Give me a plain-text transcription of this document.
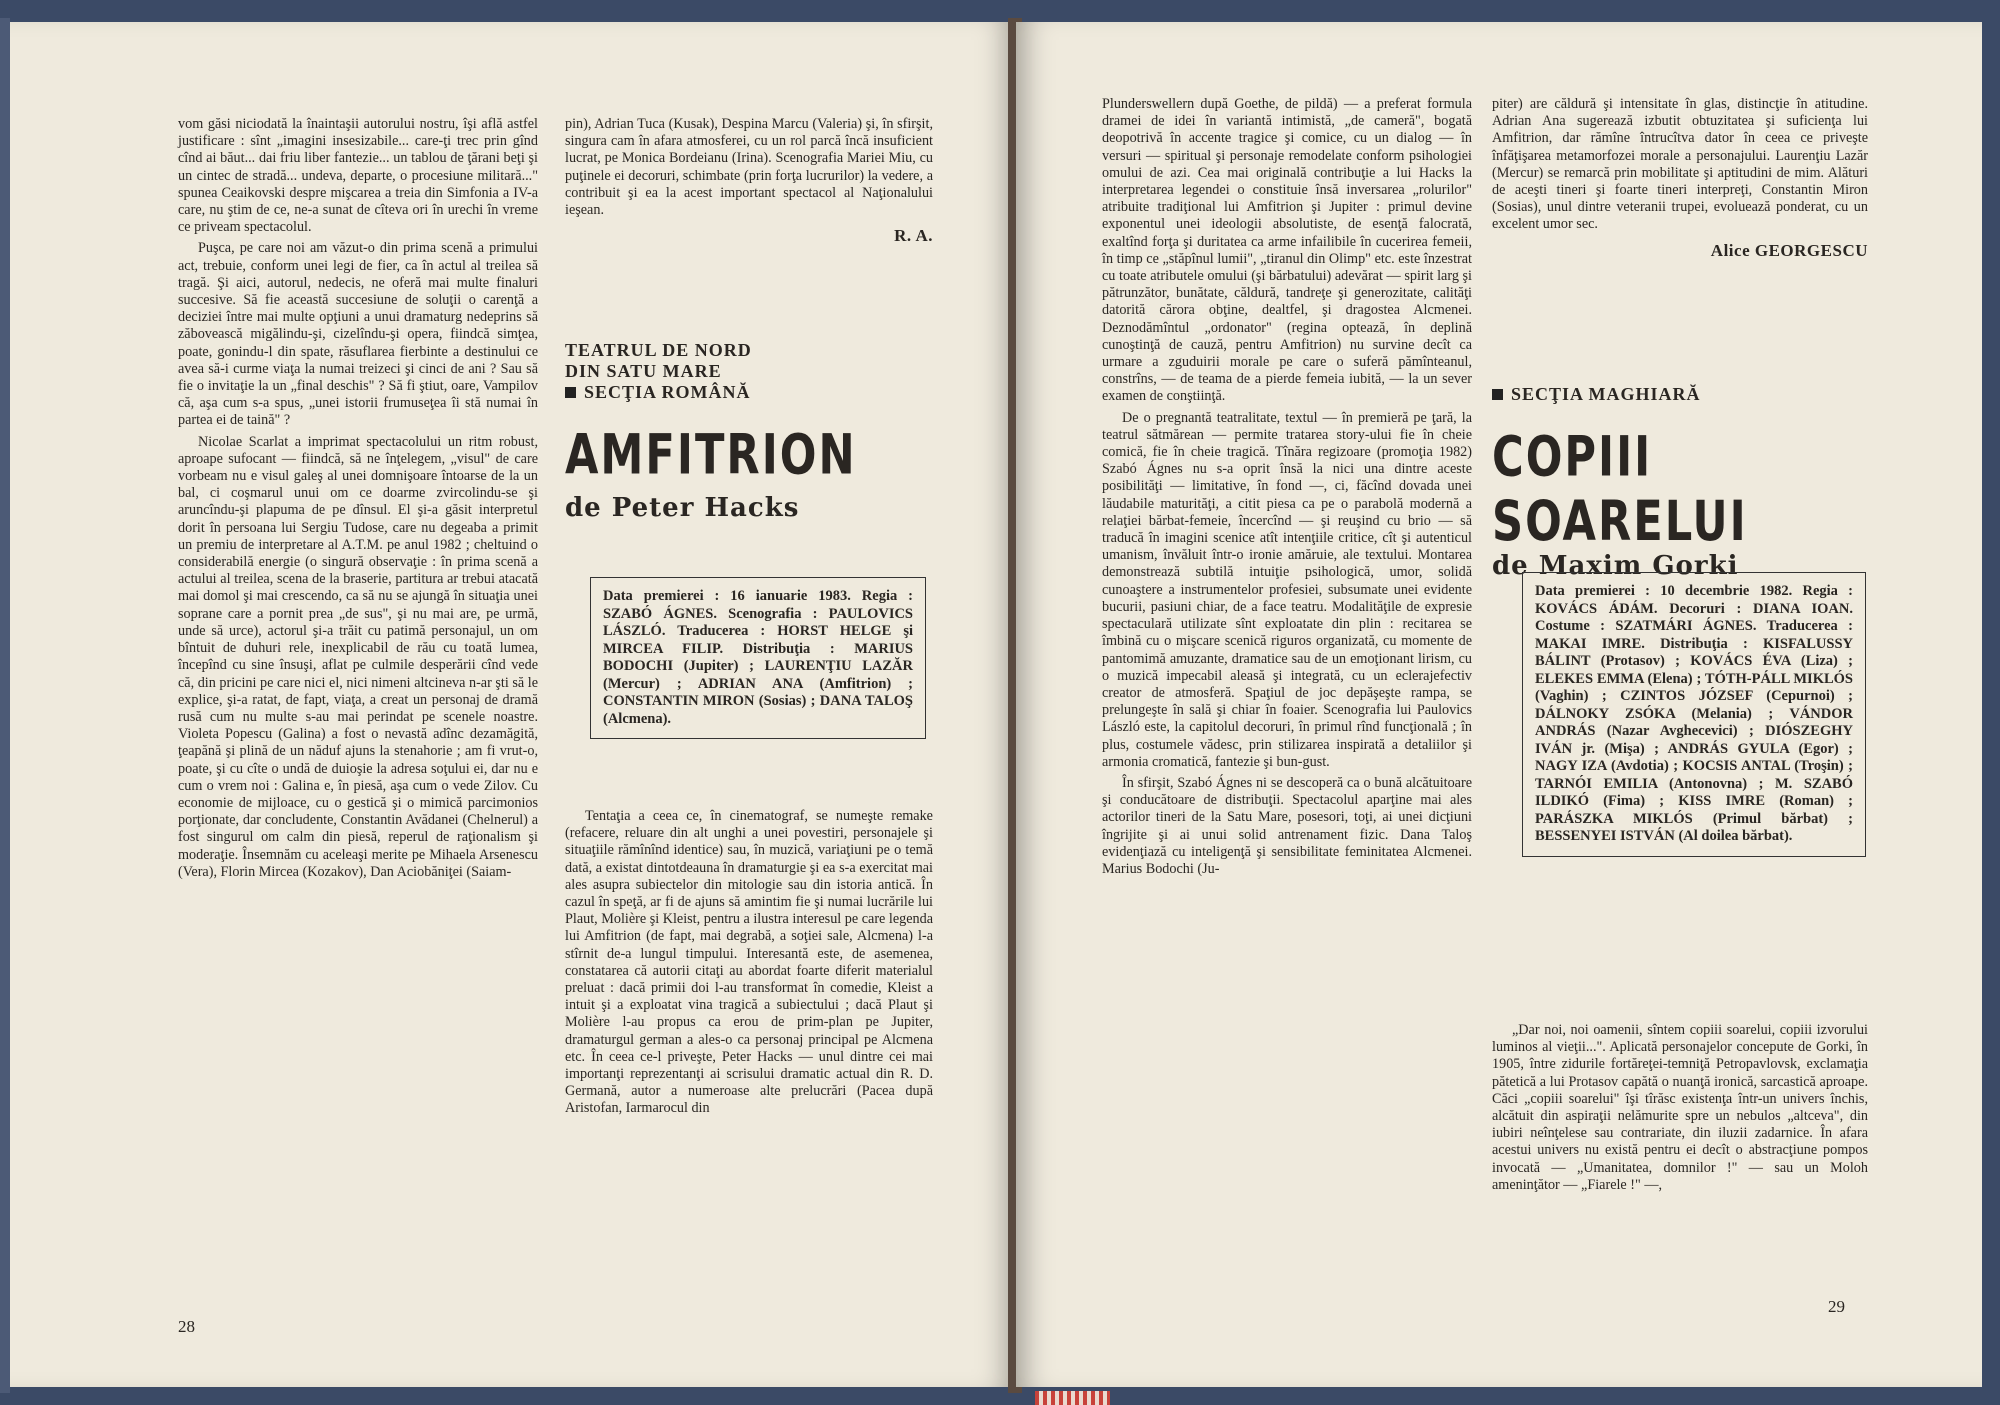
vom găsi niciodată la înaintaşii autorului nostru, îşi află astfel justificare : sînt „imagini insesizabile... care-ţi trec prin gînd cînd ai băut... dai friu liber fantezie... un tablou de ţărani beţi şi un cintec de stradă... undeva, departe, o procesiune militară..." spunea Ceaikovski despre mişcarea a treia din Simfonia a IV-a care, nu ştim de ce, ne-a sunat de cîteva ori în urechi în vreme ce priveam spectacolul.

Puşca, pe care noi am văzut-o din prima scenă a primului act, trebuie, conform unei legi de fier, ca în actul al treilea să tragă. Şi aici, autorul, nedecis, ne oferă mai multe finaluri succesive. Să fie această succesiune de soluţii o carenţă a deciziei între mai multe opţiuni a unui dramaturg nedeprins să zăbovească migălindu-şi, cizelîndu-şi opera, fiindcă simţea, poate, gonindu-l din spate, răsuflarea fierbinte a destinului ce avea să-i curme viaţa la numai treizeci şi cinci de ani ? Sau să fie o invitaţie la un „final deschis" ? Să fi ştiut, oare, Vampilov că, aşa cum s-a spus, „unei istorii frumuseţea îi stă numai în partea ei de taină" ?

Nicolae Scarlat a imprimat spectacolului un ritm robust, aproape sufocant — fiindcă, să ne înţelegem, „visul" de care vorbeam nu e visul galeş al unei domnişoare întoarse de la un bal, ci coşmarul unui om ce doarme zvircolindu-se şi aruncîndu-şi plapuma de pe dînsul. El şi-a găsit interpretul dorit în persoana lui Sergiu Tudose, care nu degeaba a primit un premiu de interpretare al A.T.M. pe anul 1982 ; cheltuind o considerabilă energie (o singură observaţie : în prima scenă a actului al treilea, scena de la braserie, partitura ar trebui atacată mai domol şi mai crescendo, ca să nu se ajungă în situaţia unei soprane care a pornit prea „de sus", şi nu mai are, pe urmă, unde să urce), actorul şi-a trăit cu patimă personajul, un om bîntuit de duhuri rele, inexplicabil de rău cu toată lumea, începînd cu sine însuşi, aflat pe culmile desperării cînd vede că, din pricini pe care nici el, nici nimeni altcineva n-ar şti să le explice, şi-a ratat, de fapt, viaţa, a creat un personaj de dramă rusă cum nu multe s-au mai perindat pe scenele noastre. Violeta Popescu (Galina) a fost o nevastă adînc dezamăgită, ţeapănă şi plină de un năduf ajuns la stenahorie ; am fi vrut-o, poate, şi cu cîte o undă de duioşie la adresa soţului ei, dar nu e cum o vrem noi : Galina e, în piesă, aşa cum o vede Zilov. Cu economie de mijloace, cu o gestică şi o mimică parcimonios porţionate, dar concludente, Constantin Avădanei (Chelnerul) a fost singurul om calm din piesă, reperul de raţionalism şi moderaţie. Însemnăm cu aceleaşi merite pe Mihaela Arsenescu (Vera), Florin Mircea (Kozakov), Dan Aciobăniţei (Saiam-

pin), Adrian Tuca (Kusak), Despina Marcu (Valeria) şi, în sfirşit, singura cam în afara atmosferei, cu un rol parcă încă insuficient lucrat, pe Monica Bordeianu (Irina). Scenografia Mariei Miu, cu puţinele ei decoruri, schimbate (prin forţa lucrurilor) la vedere, a contribuit şi ea la acest important spectacol al Naţionalului ieşean.

R. A.
TEATRUL DE NORD
DIN SATU MARE
SECŢIA ROMÂNĂ
AMFITRION
de Peter Hacks
Data premierei : 16 ianuarie 1983. Regia : SZABÓ ÁGNES. Scenografia : PAULOVICS LÁSZLÓ. Traducerea : HORST HELGE şi MIRCEA FILIP. Distribuţia : MARIUS BODOCHI (Jupiter) ; LAURENŢIU LAZĂR (Mercur) ; ADRIAN ANA (Amfitrion) ; CONSTANTIN MIRON (Sosias) ; DANA TALOŞ (Alcmena).

Tentaţia a ceea ce, în cinematograf, se numeşte remake (refacere, reluare din alt unghi a unei povestiri, personajele şi situaţiile rămînînd identice) sau, în muzică, variaţiuni pe o temă dată, a existat dintotdeauna în dramaturgie şi ea s-a exercitat mai ales asupra subiectelor din mitologie sau din istoria antică. În cazul în speţă, ar fi de ajuns să amintim fie şi numai lucrările lui Plaut, Molière şi Kleist, pentru a ilustra interesul pe care legenda lui Amfitrion (de fapt, mai degrabă, a soţiei sale, Alcmena) l-a stîrnit de-a lungul timpului. Interesantă este, de asemenea, constatarea că autorii citaţi au abordat foarte diferit materialul preluat : dacă primii doi l-au transformat în comedie, Kleist a intuit şi a exploatat vina tragică a subiectului ; dacă Plaut şi Molière l-au propus ca erou de prim-plan pe Jupiter, dramaturgul german a ales-o ca personaj principal pe Alcmena etc. În ceea ce-l priveşte, Peter Hacks — unul dintre cei mai importanţi reprezentanţi ai scrisului dramatic actual din R. D. Germană, autor a numeroase alte prelucrări (Pacea după Aristofan, Iarmarocul din

28

Plunderswellern după Goethe, de pildă) — a preferat formula dramei de idei în variantă intimistă, „de cameră", bogată deopotrivă în accente tragice şi comice, cu un dialog — în versuri — spiritual şi personaje remodelate conform psihologiei omului de azi. Cea mai originală contribuţie a lui Hacks la interpretarea legendei o constituie însă inversarea „rolurilor" atribuite tradiţional lui Amfitrion şi Jupiter : primul devine exponentul unei ideologii absolutiste, de esenţă falocrată, exaltînd forţa şi duritatea ca arme infailibile în cucerirea femeii, în timp ce „stăpînul lumii", „tiranul din Olimp" etc. este înzestrat cu toate atributele omului (şi bărbatului) adevărat — spirit larg şi pătrunzător, bunătate, căldură, tandreţe şi generozitate, calităţi datorită cărora obţine, dealtfel, şi dragostea Alcmenei. Deznodămîntul „ordonator" (regina optează, în deplină cunoştinţă de cauză, pentru Amfitrion) nu survine decît ca urmare a zguduirii morale pe care o suferă pămînteanul, constrîns, — de teama de a pierde femeia iubită, — la un sever examen de conştiinţă.

De o pregnantă teatralitate, textul — în premieră pe ţară, la teatrul sătmărean — permite tratarea story-ului fie în cheie comică, fie în cheie tragică. Tînăra regizoare (promoţia 1982) Szabó Ágnes nu s-a oprit însă la nici una dintre aceste posibilităţi — limitative, în fond —, ci, făcînd dovada unei lăudabile maturităţi, a citit piesa ca pe o parabolă modernă a relaţiei bărbat-femeie, încercînd — şi reuşind cu brio — să traducă în imagini scenice atît intenţiile critice, cît şi autenticul umanism, învăluit într-o ironie amăruie, ale textului. Montarea demonstrează subtilă intuiţie psihologică, umor, solidă cunoaştere a instrumentelor profesiei, subsumate unei evidente bucurii, pasiuni chiar, de a face teatru. Modalităţile de expresie spectaculară utilizate sînt exploatate din plin : recitarea se îmbină cu o mişcare scenică riguros organizată, cu momente de pantomimă amuzante, dramatice sau de un emoţionant lirism, cu o muzică impecabil aleasă şi integrată, cu un eclerajefectiv creator de atmosferă. Spaţiul de joc depăşeşte rampa, se prelungeşte în sală şi chiar în foaier. Scenografia lui Paulovics László este, la capitolul decoruri, în primul rînd funcţională ; în plus, costumele vădesc, prin stilizarea inspirată a detaliilor şi armonia cromatică, fantezie şi bun-gust.

În sfirşit, Szabó Ágnes ni se descoperă ca o bună alcătuitoare şi conducătoare de distribuţii. Spectacolul aparţine mai ales actorilor tineri de la Satu Mare, posesori, toţi, ai unei dicţiuni îngrijite şi ai unui solid antrenament fizic. Dana Taloş evidenţiază cu inteligenţă şi sensibilitate feminitatea Alcmenei. Marius Bodochi (Ju-

piter) are căldură şi intensitate în glas, distincţie în atitudine. Adrian Ana sugerează izbutit obtuzitatea şi suficienţa lui Amfitrion, dar rămîne întrucîtva dator în ceea ce priveşte înfăţişarea metamorfozei morale a personajului. Laurenţiu Lazăr (Mercur) se remarcă prin mobilitate şi aptitudini de mim. Alături de aceşti tineri şi foarte tineri interpreţi, Constantin Miron (Sosias), unul dintre veteranii trupei, evoluează ponderat, cu un excelent umor sec.

Alice GEORGESCU
SECŢIA MAGHIARĂ
COPIII SOARELUI
de Maxim Gorki
Data premierei : 10 decembrie 1982. Regia : KOVÁCS ÁDÁM. Decoruri : DIANA IOAN. Costume : SZATMÁRI ÁGNES. Traducerea : MAKAI IMRE. Distribuţia : KISFALUSSY BÁLINT (Protasov) ; KOVÁCS ÉVA (Liza) ; ELEKES EMMA (Elena) ; TÓTH-PÁLL MIKLÓS (Vaghin) ; CZINTOS JÓZSEF (Cepurnoi) ; DÁLNOKY ZSÓKA (Melania) ; VÁNDOR ANDRÁS (Nazar Avghecevici) ; DIÓSZEGHY IVÁN jr. (Mişa) ; ANDRÁS GYULA (Egor) ; NAGY IZA (Avdotia) ; KOCSIS ANTAL (Troşin) ; TARNÓI EMILIA (Antonovna) ; M. SZABÓ ILDIKÓ (Fima) ; KISS IMRE (Roman) ; PARÁSZKA MIKLÓS (Primul bărbat) ; BESSENYEI ISTVÁN (Al doilea bărbat).

„Dar noi, noi oamenii, sîntem copiii soarelui, copiii izvorului luminos al vieţii...". Aplicată personajelor concepute de Gorki, în 1905, între zidurile fortăreţei-temniţă Petropavlovsk, exclamaţia pătetică a lui Protasov capătă o nuanţă ironică, sarcastică aproape. Căci „copiii soarelui" îşi tîrăsc existenţa într-un univers închis, alcătuit din aspiraţii nelămurite spre un nebulos „altceva", din iubiri neînţelese sau contrariate, din iluzii zadarnice. În afara acestui univers nu există pentru ei decît o abstracţiune pompos invocată — „Umanitatea, domnilor !" — sau un Moloh ameninţător — „Fiarele !" —,

29
